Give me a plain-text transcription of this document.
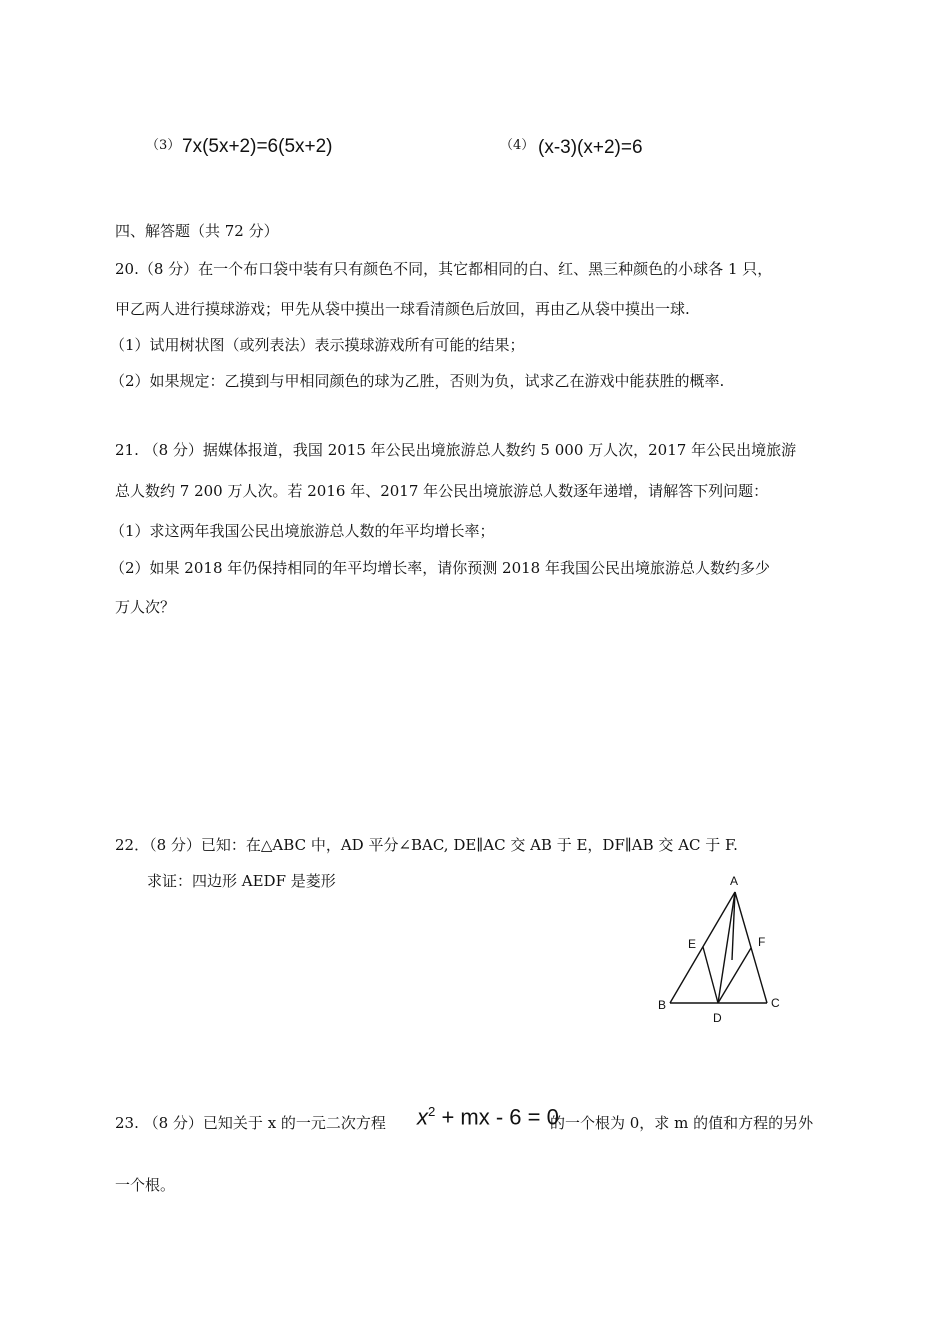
（3） 7x(5x+2)=6(5x+2)	（4） (x-3)(x+2)=6
四、解答题（共 72 分）
20.（8 分）在一个布口袋中装有只有颜色不同，其它都相同的白、红、黑三种颜色的小球各 1 只，
甲乙两人进行摸球游戏；甲先从袋中摸出一球看清颜色后放回，再由乙从袋中摸出一球.
（1）试用树状图（或列表法）表示摸球游戏所有可能的结果；
（2）如果规定：乙摸到与甲相同颜色的球为乙胜，否则为负，试求乙在游戏中能获胜的概率.
21. （8 分）据媒体报道，我国 2015 年公民出境旅游总人数约 5 000 万人次，2017 年公民出境旅游
总人数约 7 200 万人次。若 2016 年、2017 年公民出境旅游总人数逐年递增，请解答下列问题：
（1）求这两年我国公民出境旅游总人数的年平均增长率；
（2）如果 2018 年仍保持相同的年平均增长率，请你预测 2018 年我国公民出境旅游总人数约多少
万人次？
22．（8 分）已知：在△ABC 中，AD 平分∠BAC, DE∥AC 交 AB 于 E，DF∥AB 交 AC 于 F.
求证：四边形 AEDF 是菱形	A
E	F
B	C
D
23. （8 分）已知关于 x 的一元二次方程 $x^2$ + mx - 6 = 0
的一个根为 0，求 m 的值和方程的另外
一个根。
